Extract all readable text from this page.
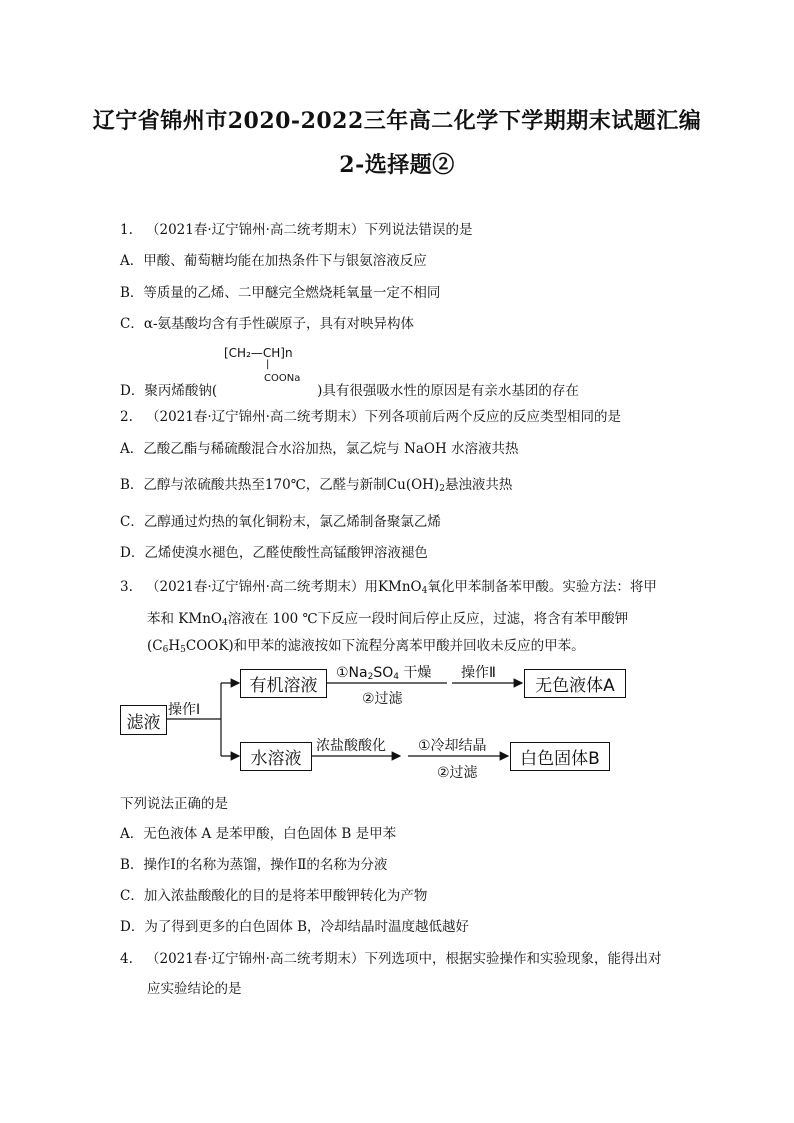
辽宁省锦州市2020-2022三年高二化学下学期期末试题汇编
2-选择题②
1. （2021春·辽宁锦州·高二统考期末）下列说法错误的是
A．甲酸、葡萄糖均能在加热条件下与银氨溶液反应
B．等质量的乙烯、二甲醚完全燃烧耗氧量一定不相同
C．α-氨基酸均含有手性碳原子，具有对映异构体
[CH₂—CH]n
|
COONa
D．聚丙烯酸钠(	)具有很强吸水性的原因是有亲水基团的存在
2. （2021春·辽宁锦州·高二统考期末）下列各项前后两个反应的反应类型相同的是
A．乙酸乙酯与稀硫酸混合水浴加热，氯乙烷与 NaOH 水溶液共热
B．乙醇与浓硫酸共热至170℃，乙醛与新制$Cu(OH)_2$悬浊液共热
C．乙醇通过灼热的氧化铜粉末，氯乙烯制备聚氯乙烯
D．乙烯使溴水褪色，乙醛使酸性高锰酸钾溶液褪色
3. （2021春·辽宁锦州·高二统考期末）用KMnO$_4$氧化甲苯制备苯甲酸。实验方法：将甲
苯和 KMnO$_4$溶液在 100 ℃下反应一段时间后停止反应，过滤，将含有苯甲酸钾
$(C_6H_5COOK)$和甲苯的滤液按如下流程分离苯甲酸并回收未反应的甲苯。
滤液
操作Ⅰ
有机溶液
$①Na_2SO_4$ 干燥
②过滤
操作Ⅱ
无色液体A
水溶液
浓盐酸酸化 ①冷却结晶
②过滤
白色固体B
下列说法正确的是
A．无色液体 A 是苯甲酸，白色固体 B 是甲苯
B．操作Ⅰ的名称为蒸馏，操作Ⅱ的名称为分液
C．加入浓盐酸酸化的目的是将苯甲酸钾转化为产物
D．为了得到更多的白色固体 B，冷却结晶时温度越低越好
4. （2021春·辽宁锦州·高二统考期末）下列选项中，根据实验操作和实验现象，能得出对
应实验结论的是
